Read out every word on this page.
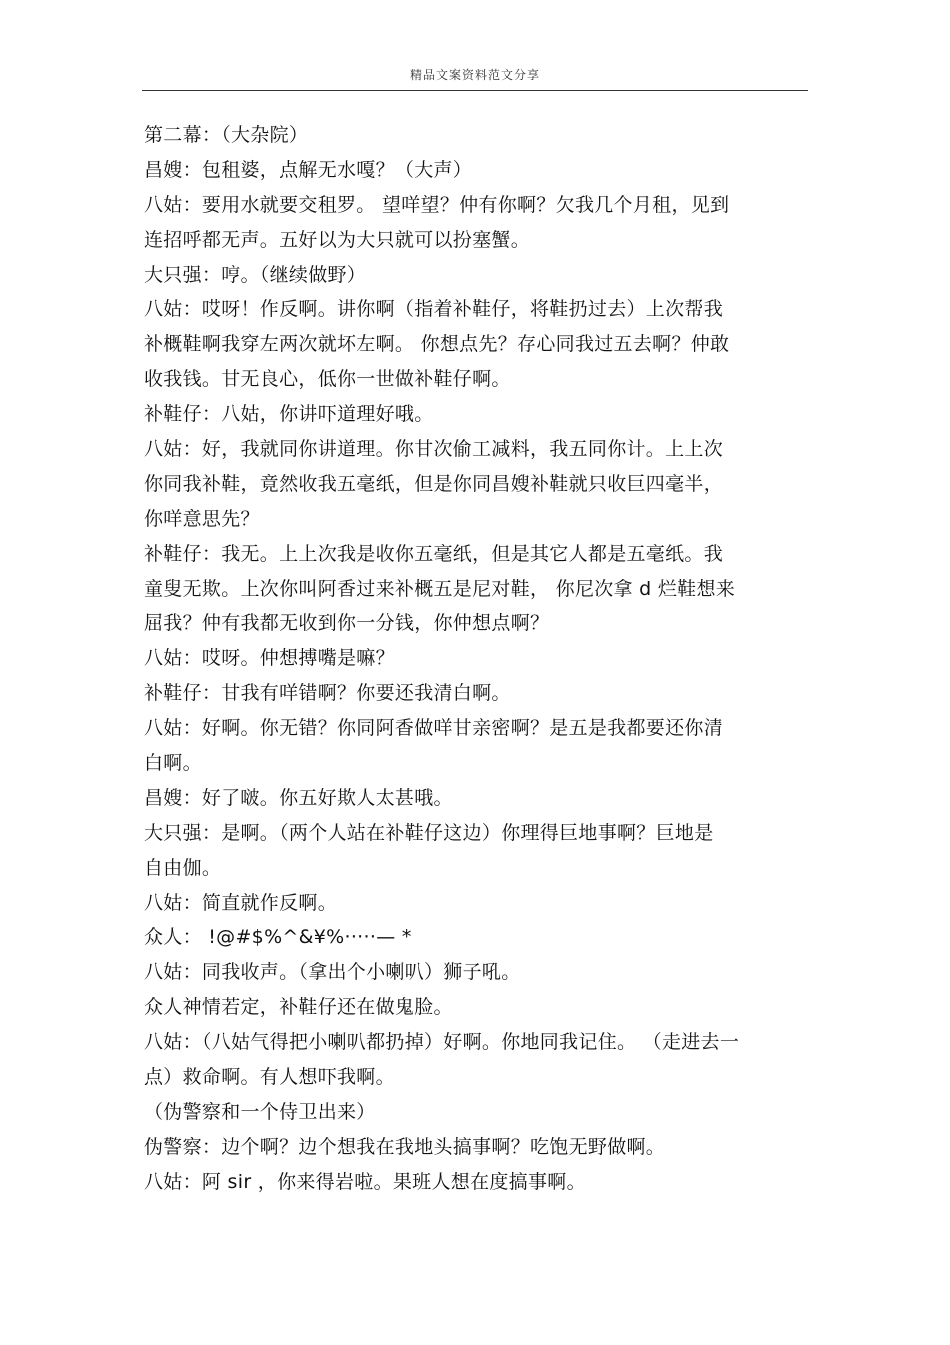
精品文案资料范文分享
第二幕：（大杂院）
昌嫂：包租婆，点解无水嘎？（大声）
八姑：要用水就要交租罗。 望咩望？仲有你啊？欠我几个月租，见到
连招呼都无声。五好以为大只就可以扮塞蟹。
大只强：哼。（继续做野）
八姑：哎呀！作反啊。讲你啊（指着补鞋仔，将鞋扔过去）上次帮我
补概鞋啊我穿左两次就坏左啊。 你想点先？存心同我过五去啊？仲敢
收我钱。甘无良心，低你一世做补鞋仔啊。
补鞋仔：八姑，你讲吓道理好哦。
八姑：好，我就同你讲道理。你甘次偷工减料，我五同你计。上上次
你同我补鞋，竟然收我五毫纸，但是你同昌嫂补鞋就只收巨四毫半，
你咩意思先？
补鞋仔：我无。上上次我是收你五毫纸，但是其它人都是五毫纸。我
童叟无欺。上次你叫阿香过来补概五是尼对鞋， 你尼次拿 d 烂鞋想来
屈我？仲有我都无收到你一分钱，你仲想点啊？
八姑：哎呀。仲想搏嘴是嘛？
补鞋仔：甘我有咩错啊？你要还我清白啊。
八姑：好啊。你无错？你同阿香做咩甘亲密啊？是五是我都要还你清
白啊。
昌嫂：好了啵。你五好欺人太甚哦。
大只强：是啊。（两个人站在补鞋仔这边）你理得巨地事啊？巨地是
自由伽。
八姑：简直就作反啊。
众人： !@#$%^&¥%·····— *
八姑：同我收声。（拿出个小喇叭）狮子吼。
众人神情若定，补鞋仔还在做鬼脸。
八姑：（八姑气得把小喇叭都扔掉）好啊。你地同我记住。 （走进去一
点）救命啊。有人想吓我啊。
（伪警察和一个侍卫出来）
伪警察：边个啊？边个想我在我地头搞事啊？吃饱无野做啊。
八姑：阿 sir ，你来得岩啦。果班人想在度搞事啊。
